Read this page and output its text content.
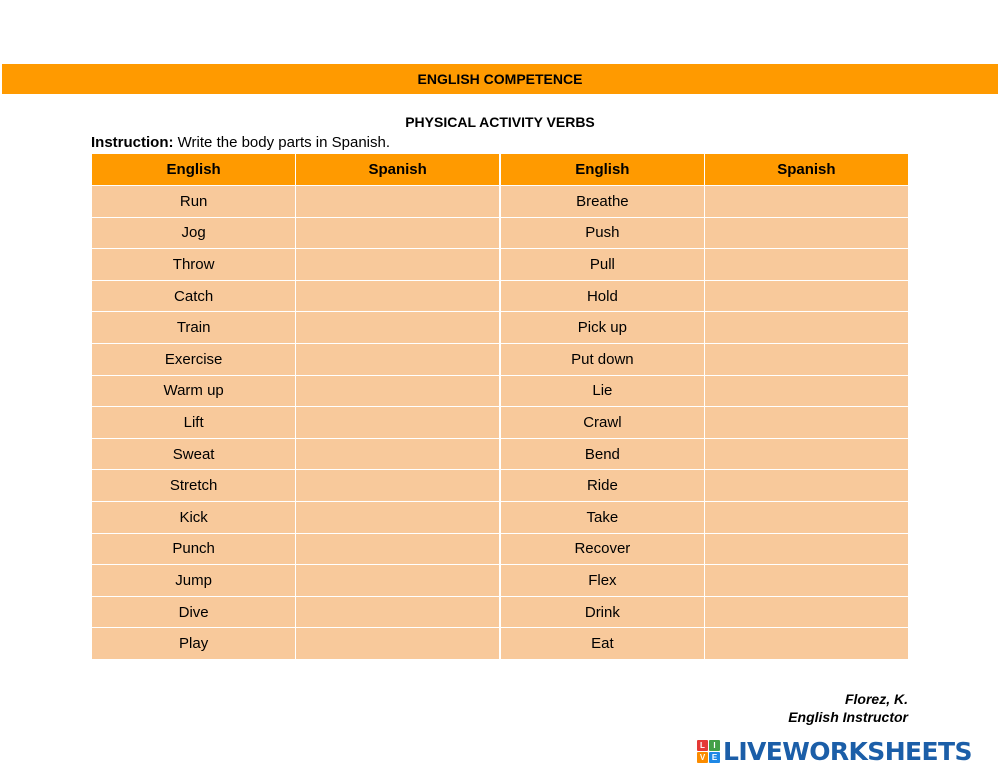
ENGLISH COMPETENCE
PHYSICAL ACTIVITY VERBS
Instruction: Write the body parts in Spanish.
English	Spanish	English	Spanish
Run		Breathe	
Jog		Push	
Throw		Pull	
Catch		Hold	
Train		Pick up	
Exercise		Put down	
Warm up		Lie	
Lift		Crawl	
Sweat		Bend	
Stretch		Ride	
Kick		Take	
Punch		Recover	
Jump		Flex	
Dive		Drink	
Play		Eat	
Florez, K.
English Instructor
L	I
V E LIVEWORKSHEETS
